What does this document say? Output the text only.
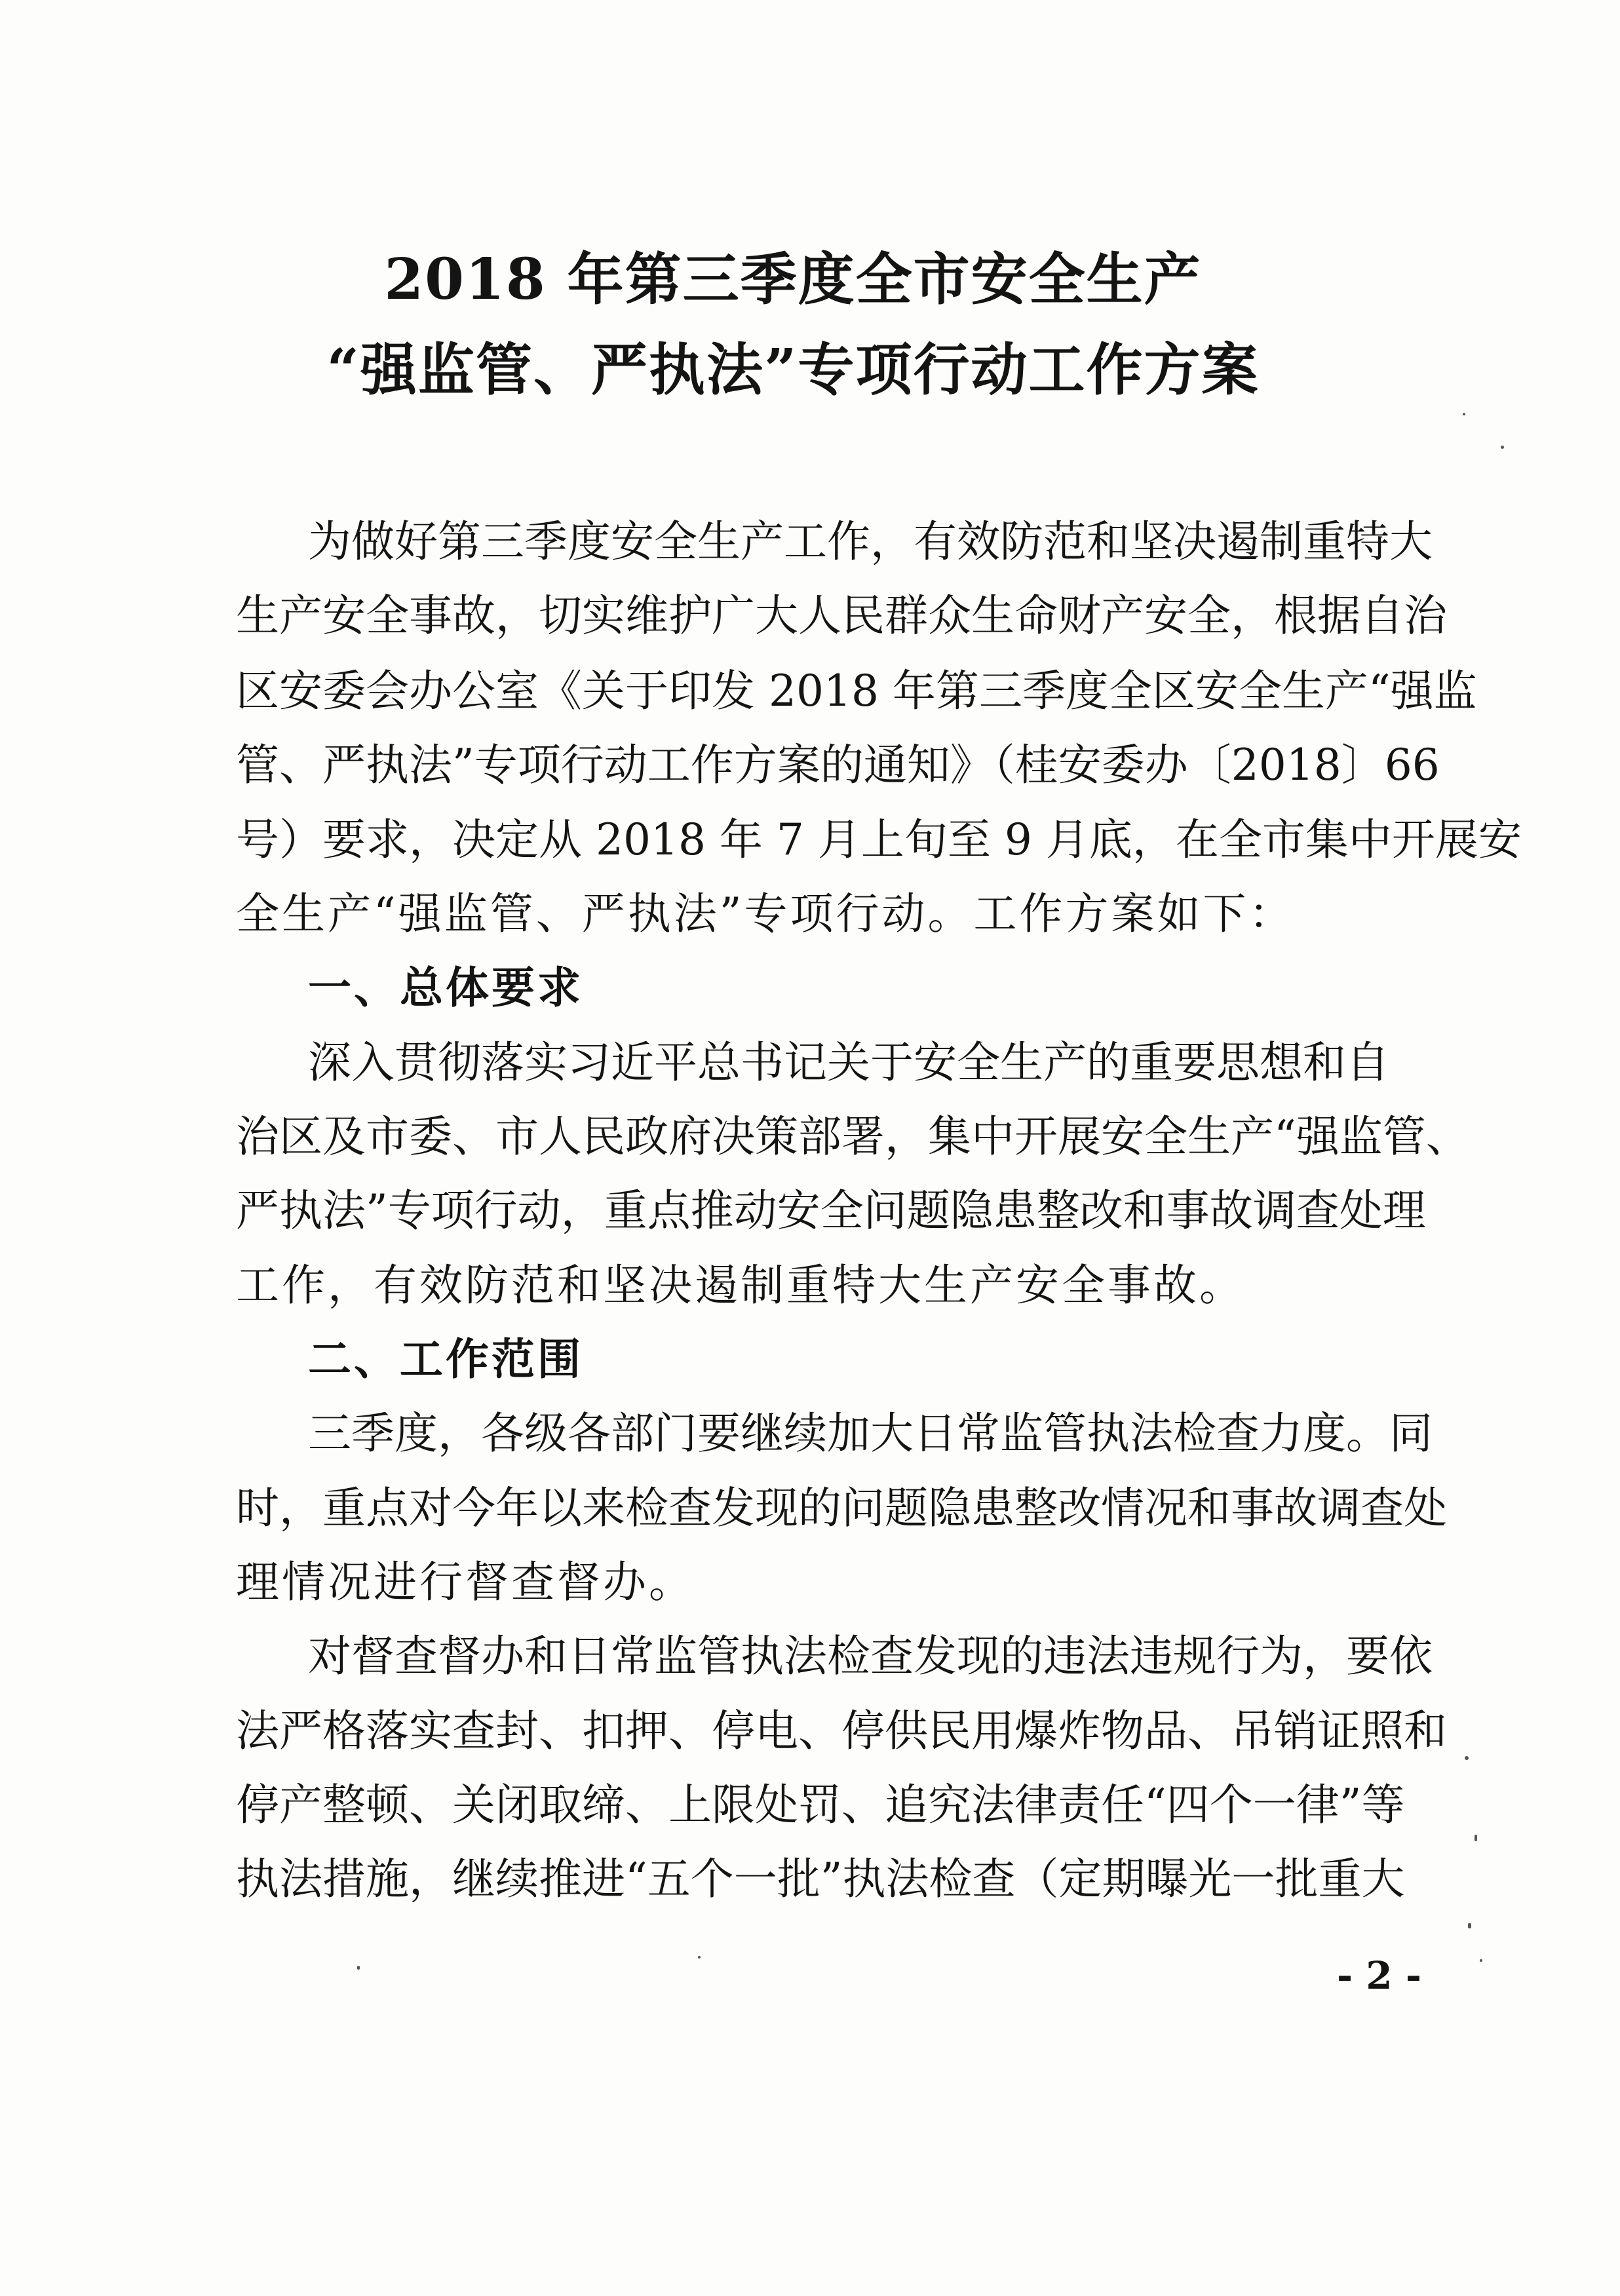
2018 年第三季度全市安全生产
“强监管、严执法”专项行动工作方案
为做好第三季度安全生产工作，有效防范和坚决遏制重特大
生产安全事故，切实维护广大人民群众生命财产安全，根据自治
区安委会办公室《关于印发 2018 年第三季度全区安全生产“强监
管、严执法”专项行动工作方案的通知》（桂安委办〔2018〕66
号）要求，决定从 2018 年 7 月上旬至 9 月底，在全市集中开展安
全生产“强监管、严执法”专项行动。工作方案如下：
一、总体要求
深入贯彻落实习近平总书记关于安全生产的重要思想和自
治区及市委、市人民政府决策部署，集中开展安全生产“强监管、
严执法”专项行动，重点推动安全问题隐患整改和事故调查处理
工作，有效防范和坚决遏制重特大生产安全事故。
二、工作范围
三季度，各级各部门要继续加大日常监管执法检查力度。同
时，重点对今年以来检查发现的问题隐患整改情况和事故调查处
理情况进行督查督办。
对督查督办和日常监管执法检查发现的违法违规行为，要依
法严格落实查封、扣押、停电、停供民用爆炸物品、吊销证照和
停产整顿、关闭取缔、上限处罚、追究法律责任“四个一律”等
执法措施，继续推进“五个一批”执法检查（定期曝光一批重大
- 2 -
